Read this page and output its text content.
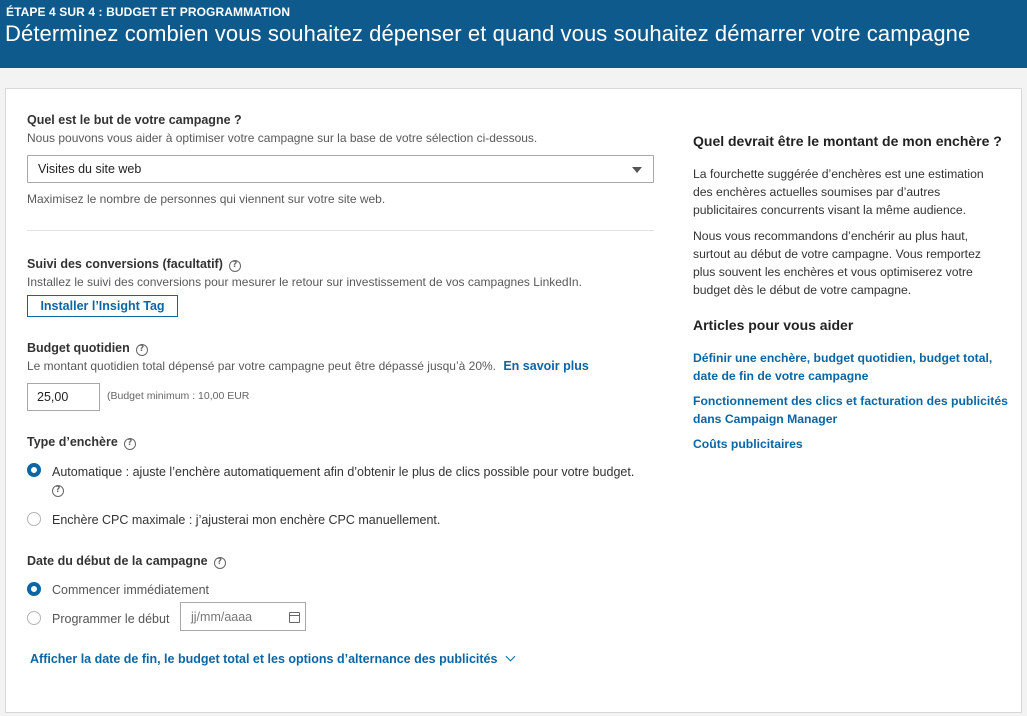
ÉTAPE 4 SUR 4 : BUDGET ET PROGRAMMATION
Déterminez combien vous souhaitez dépenser et quand vous souhaitez démarrer votre campagne
Quel est le but de votre campagne ?
Nous pouvons vous aider à optimiser votre campagne sur la base de votre sélection ci-dessous.
Visites du site web
Maximisez le nombre de personnes qui viennent sur votre site web.
Suivi des conversions (facultatif) ?
Installez le suivi des conversions pour mesurer le retour sur investissement de vos campagnes LinkedIn.
Installer l’Insight Tag
Budget quotidien ?
Le montant quotidien total dépensé par votre campagne peut être dépassé jusqu’à 20%. En savoir plus
25,00
(Budget minimum : 10,00 EUR
Type d’enchère ?
Automatique : ajuste l’enchère automatiquement afin d’obtenir le plus de clics possible pour votre budget.
?
Enchère CPC maximale : j’ajusterai mon enchère CPC manuellement.
Date du début de la campagne ?
Commencer immédiatement
Programmer le début jj/mm/aaaa
Afficher la date de fin, le budget total et les options d’alternance des publicités
Quel devrait être le montant de mon enchère ?
La fourchette suggérée d’enchères est une estimation des enchères actuelles soumises par d’autres publicitaires concurrents visant la même audience.
Nous vous recommandons d’enchérir au plus haut, surtout au début de votre campagne. Vous remportez plus souvent les enchères et vous optimiserez votre budget dès le début de votre campagne.
Articles pour vous aider
Définir une enchère, budget quotidien, budget total, date de fin de votre campagne
Fonctionnement des clics et facturation des publicités dans Campaign Manager
Coûts publicitaires
